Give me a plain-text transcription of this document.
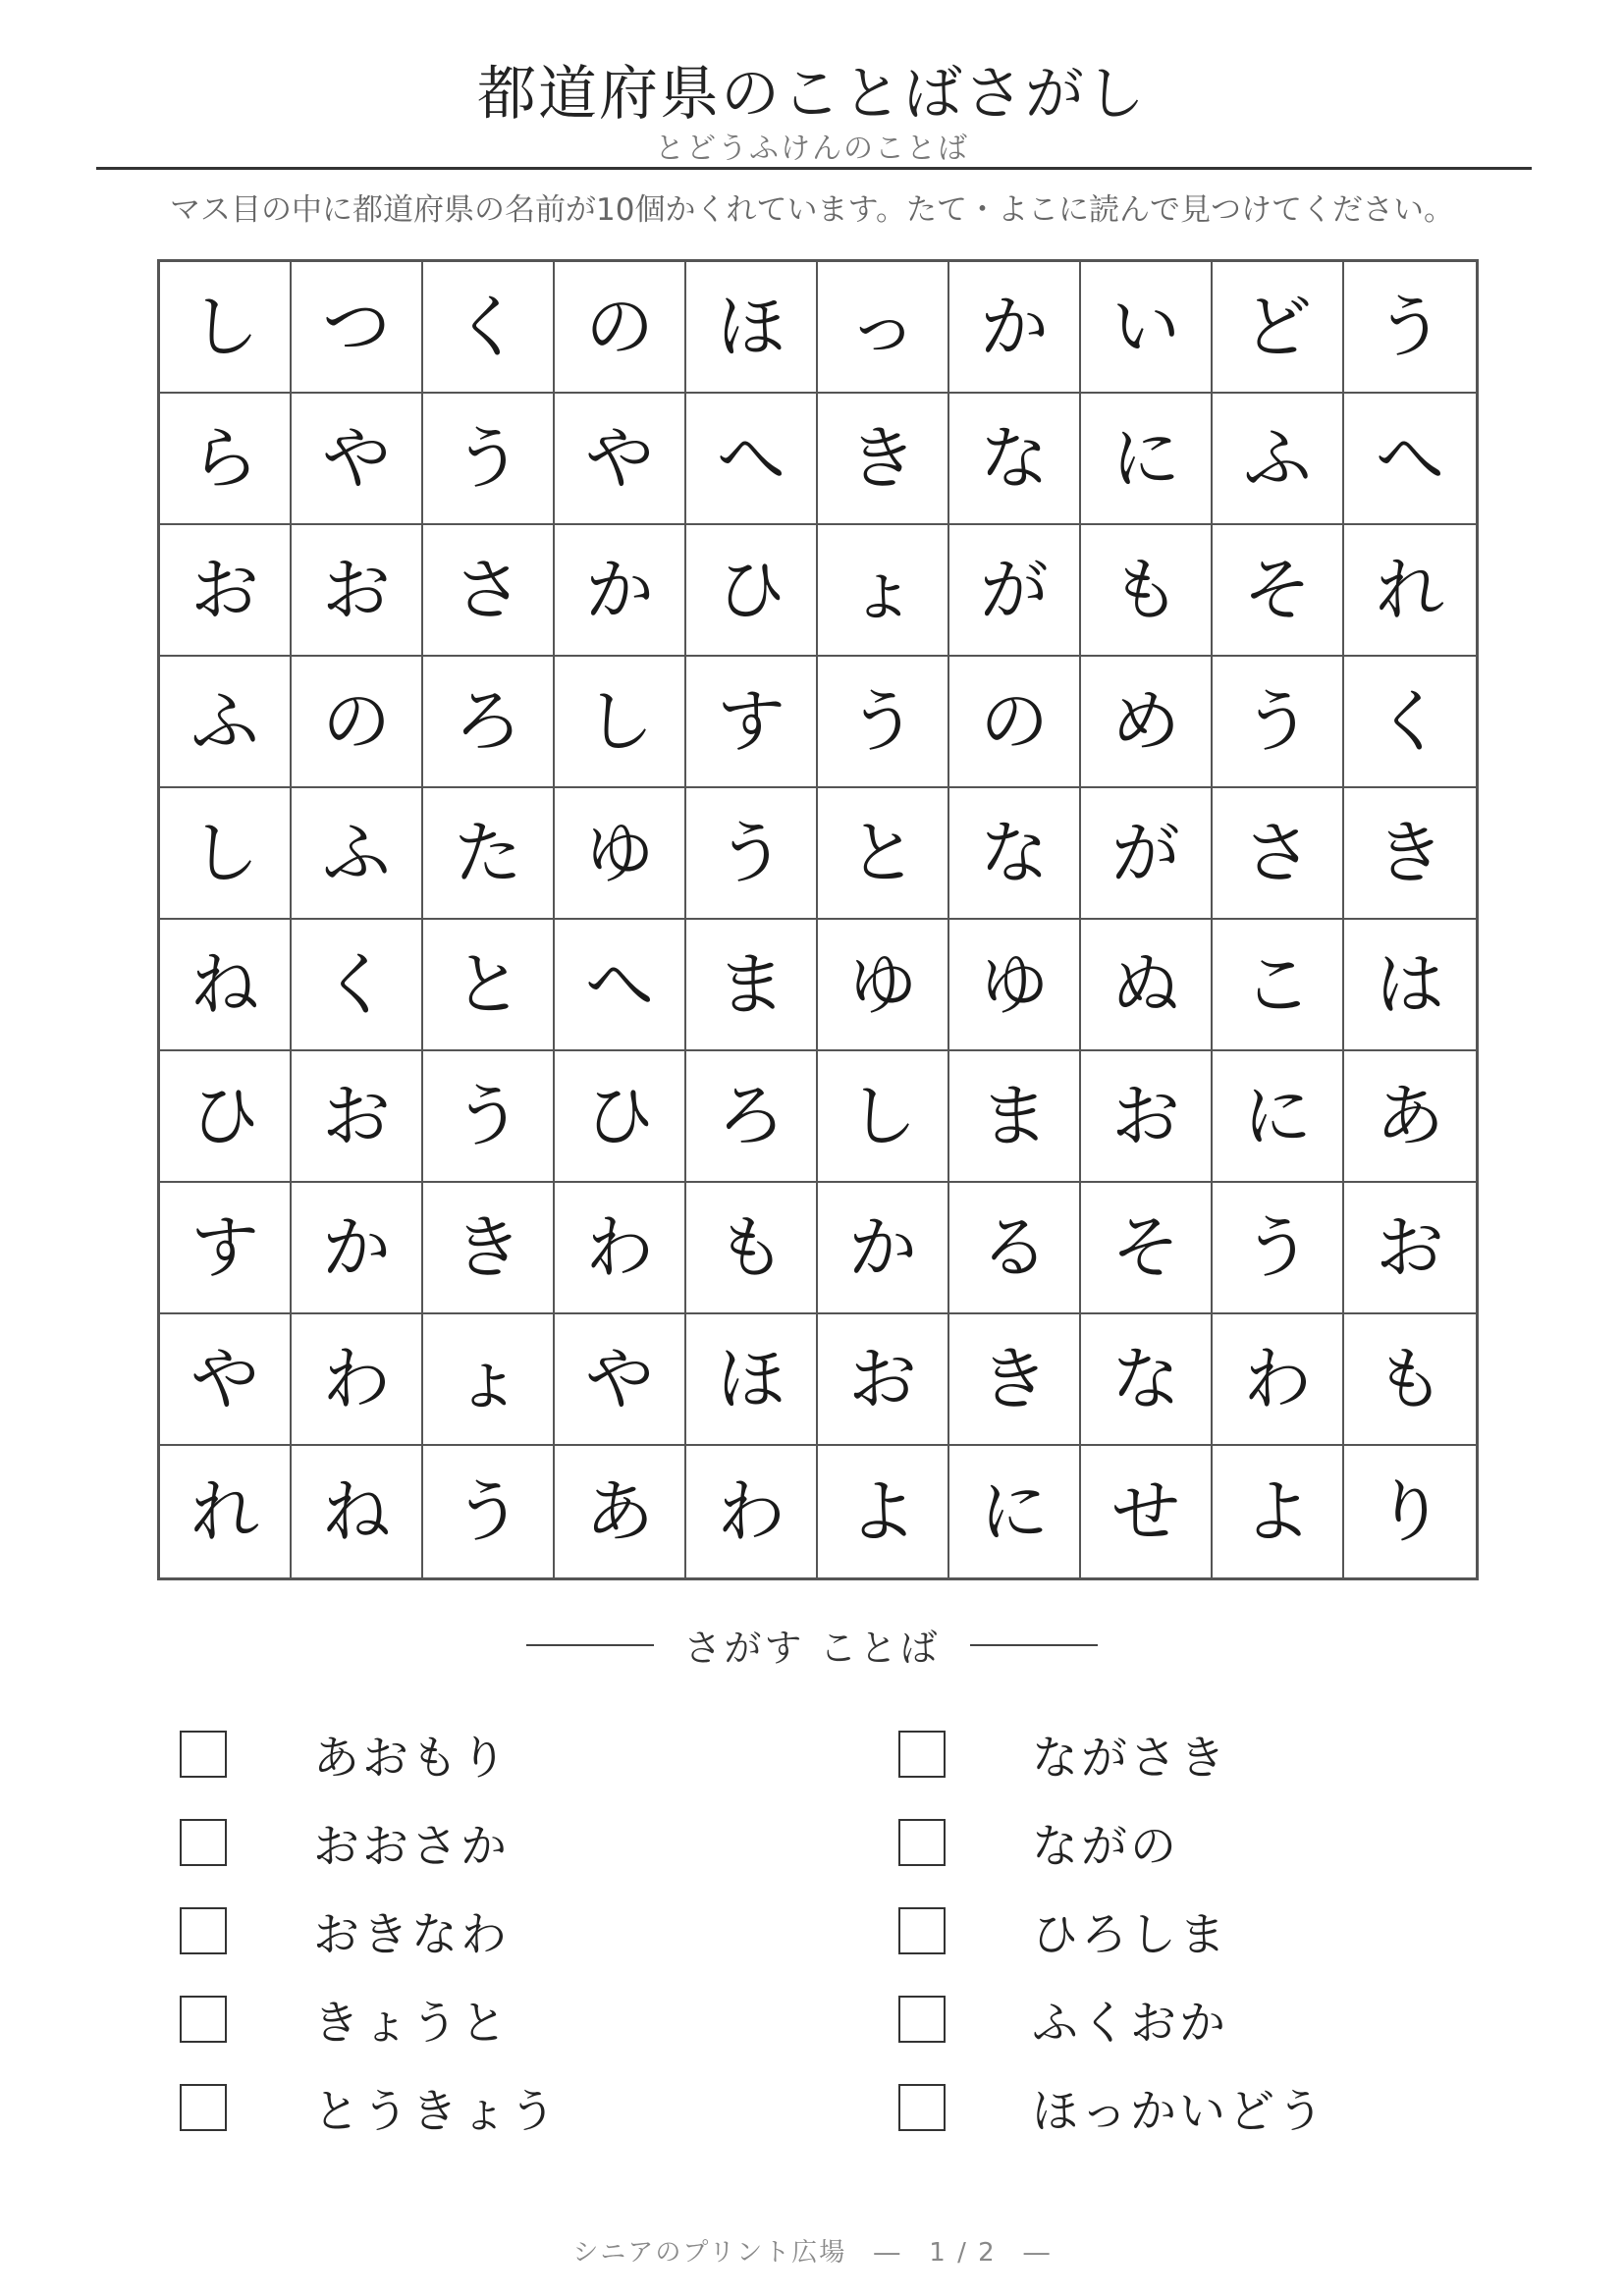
都道府県のことばさがし
とどうふけんのことば
マス目の中に都道府県の名前が10個かくれています。たて・よこに読んで見つけてください。
し つ く の ほ っ か い ど う
ら や う や へ き な に ふ へ
お お さ か ひ ょ が も そ れ
ふ の ろ し す う の め う く
し ふ た ゆ う と な が さ き
ね く と へ ま ゆ ゆ ぬ こ は
ひ お う ひ ろ し ま お に あ
す か き わ も か る そ う お
や わ ょ や ほ お き な わ も
れ ね う あ わ よ に せ よ り
さがす ことば
あおもり
おおさか
おきなわ
きょうと
とうきょう
ながさき
ながの
ひろしま
ふくおか
ほっかいどう
シニアのプリント広場　―　1 / 2　―
